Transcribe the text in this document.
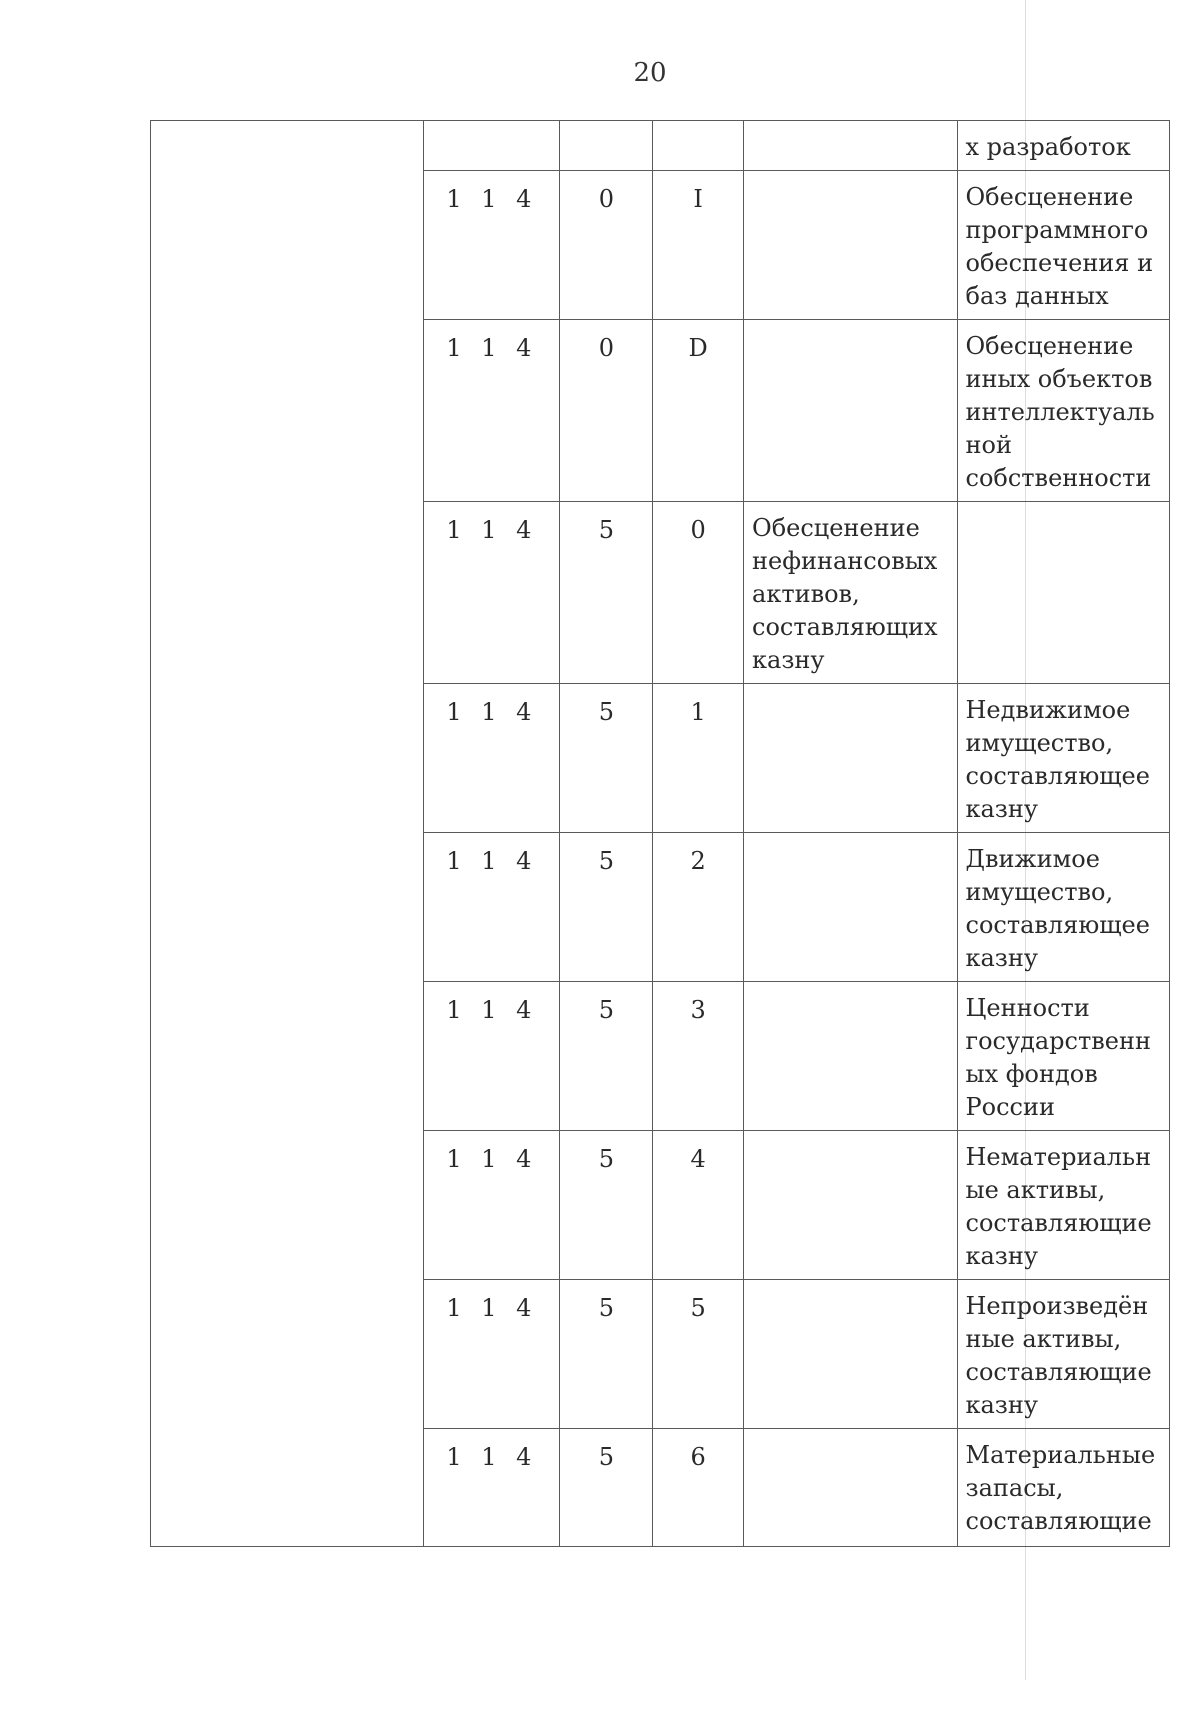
20
					х разработок
	1 1 4	0	I		Обесценение программного обеспечения и баз данных
	1 1 4	0	D		Обесценение иных объектов интеллектуальной собственности
	1 1 4	5	0	Обесценение нефинансовых активов, составляющих казну	
	1 1 4	5	1		Недвижимое имущество, составляющее казну
	1 1 4	5	2		Движимое имущество, составляющее казну
	1 1 4	5	3		Ценности государственных фондов России
	1 1 4	5	4		Нематериальные активы, составляющие казну
	1 1 4	5	5		Непроизведённые активы, составляющие казну
	1 1 4	5	6		Материальные запасы, составляющие
